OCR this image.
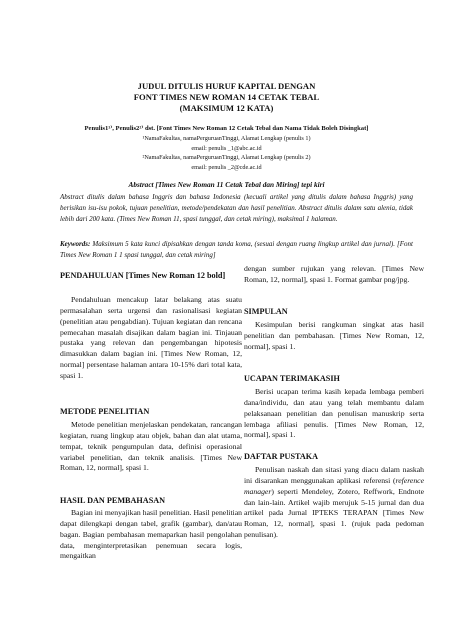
JUDUL DITULIS HURUF KAPITAL DENGAN
FONT TIMES NEW ROMAN 14 CETAK TEBAL
(MAKSIMUM 12 KATA)
Penulis1¹⁾, Penulis2²⁾ dst. [Font Times New Roman 12 Cetak Tebal dan Nama Tidak Boleh Disingkat]
¹NamaFakultas, namaPerguruanTinggi, Alamat Lengkap (penulis 1)
email: penulis _1@abc.ac.id
²NamaFakultas, namaPerguruanTinggi, Alamat Lengkap (penulis 2)
email: penulis _2@cde.ac.id
Abstract [Times New Roman 11 Cetak Tebal dan Miring] tepi kiri
Abstract ditulis dalam bahasa Inggris dan bahasa Indonesia (kecuali artikel yang ditulis dalam bahasa Inggris) yang berisikan isu-isu pokok, tujuan penelitian, metode/pendekatan dan hasil penelitian. Abstract ditulis dalam satu alenia, tidak lebih dari 200 kata. (Times New Roman 11, spasi tunggal, dan cetak miring), maksimal 1 halaman.
Keywords: Maksimum 5 kata kunci dipisahkan dengan tanda koma, (sesuai dengan ruang lingkup artikel dan jurnal). [Font Times New Roman 1 1 spasi tunggal, dan cetak miring]
PENDAHULUAN [Times New Roman 12 bold]

Pendahuluan mencakup latar belakang atas suatu permasalahan serta urgensi dan rasionalisasi kegiatan (penelitian atau pengabdian). Tujuan kegiatan dan rencana pemecahan masalah disajikan dalam bagian ini. Tinjauan pustaka yang relevan dan pengembangan hipotesis dimasukkan dalam bagian ini. [Times New Roman, 12, normal] persentase halaman antara 10-15% dari total kata, spasi 1.

METODE PENELITIAN

Metode penelitian menjelaskan pendekatan, rancangan kegiatan, ruang lingkup atau objek, bahan dan alat utama, tempat, teknik pengumpulan data, definisi operasional variabel penelitian, dan teknik analisis. [Times New Roman, 12, normal], spasi 1.

HASIL DAN PEMBAHASAN

Bagian ini menyajikan hasil penelitian. Hasil penelitian dapat dilengkapi dengan tabel, grafik (gambar), dan/atau bagan. Bagian pembahasan memaparkan hasil pengolahan data, menginterpretasikan penemuan secara logis, mengaitkan

dengan sumber rujukan yang relevan. [Times New Roman, 12, normal], spasi 1. Format gambar png/jpg.

SIMPULAN

Kesimpulan berisi rangkuman singkat atas hasil penelitian dan pembahasan. [Times New Roman, 12, normal], spasi 1.

UCAPAN TERIMAKASIH

Berisi ucapan terima kasih kepada lembaga pemberi dana/individu, dan atau yang telah membantu dalam pelaksanaan penelitian dan penulisan manuskrip serta lembaga afiliasi penulis. [Times New Roman, 12, normal], spasi 1.

DAFTAR PUSTAKA

Penulisan naskah dan sitasi yang diacu dalam naskah ini disarankan menggunakan aplikasi referensi (reference manager) seperti Mendeley, Zotero, Reffwork, Endnote dan lain-lain. Artikel wajib merujuk 5-15 jurnal dan dua artikel pada Jurnal IPTEKS TERAPAN [Times New Roman, 12, normal], spasi 1. (rujuk pada pedoman penulisan).
